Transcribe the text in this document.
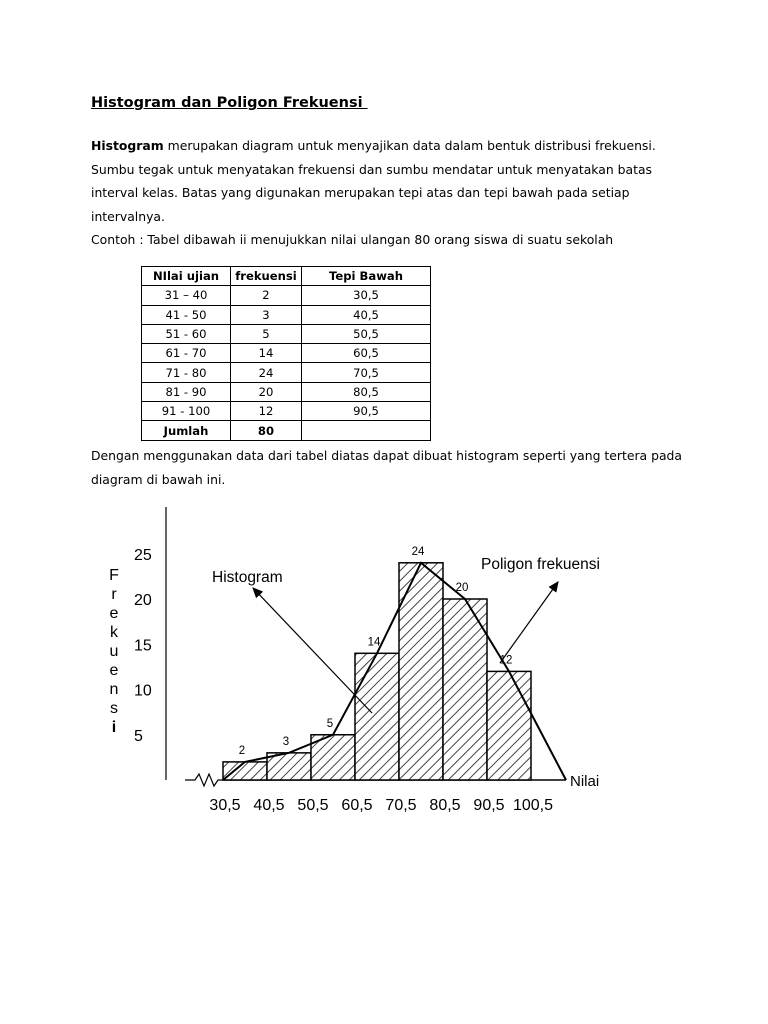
Histogram dan Poligon Frekuensi
Histogram merupakan diagram untuk menyajikan data dalam bentuk distribusi frekuensi. Sumbu tegak untuk menyatakan frekuensi dan sumbu mendatar untuk menyatakan batas interval kelas. Batas yang digunakan merupakan tepi atas dan tepi bawah pada setiap intervalnya.
Contoh : Tabel dibawah ii menujukkan nilai ulangan 80 orang siswa di suatu sekolah
NIlai ujian	frekuensi	Tepi Bawah
31 – 40	2	30,5
41 - 50	3	40,5
51 - 60	5	50,5
61 - 70	14	60,5
71 - 80	24	70,5
81 - 90	20	80,5
91 - 100	12	90,5
Jumlah	80	
Dengan menggunakan data dari tabel diatas dapat dibuat histogram seperti yang tertera pada diagram di bawah ini.
2
3
5
14
24
20
12
5
10
15
20
25
30,5 40,5 50,5 60,5 70,5 80,5 90,5 100,5
F
r
e
k
u
e
n
s
i
Nilai
Histogram
Poligon frekuensi
